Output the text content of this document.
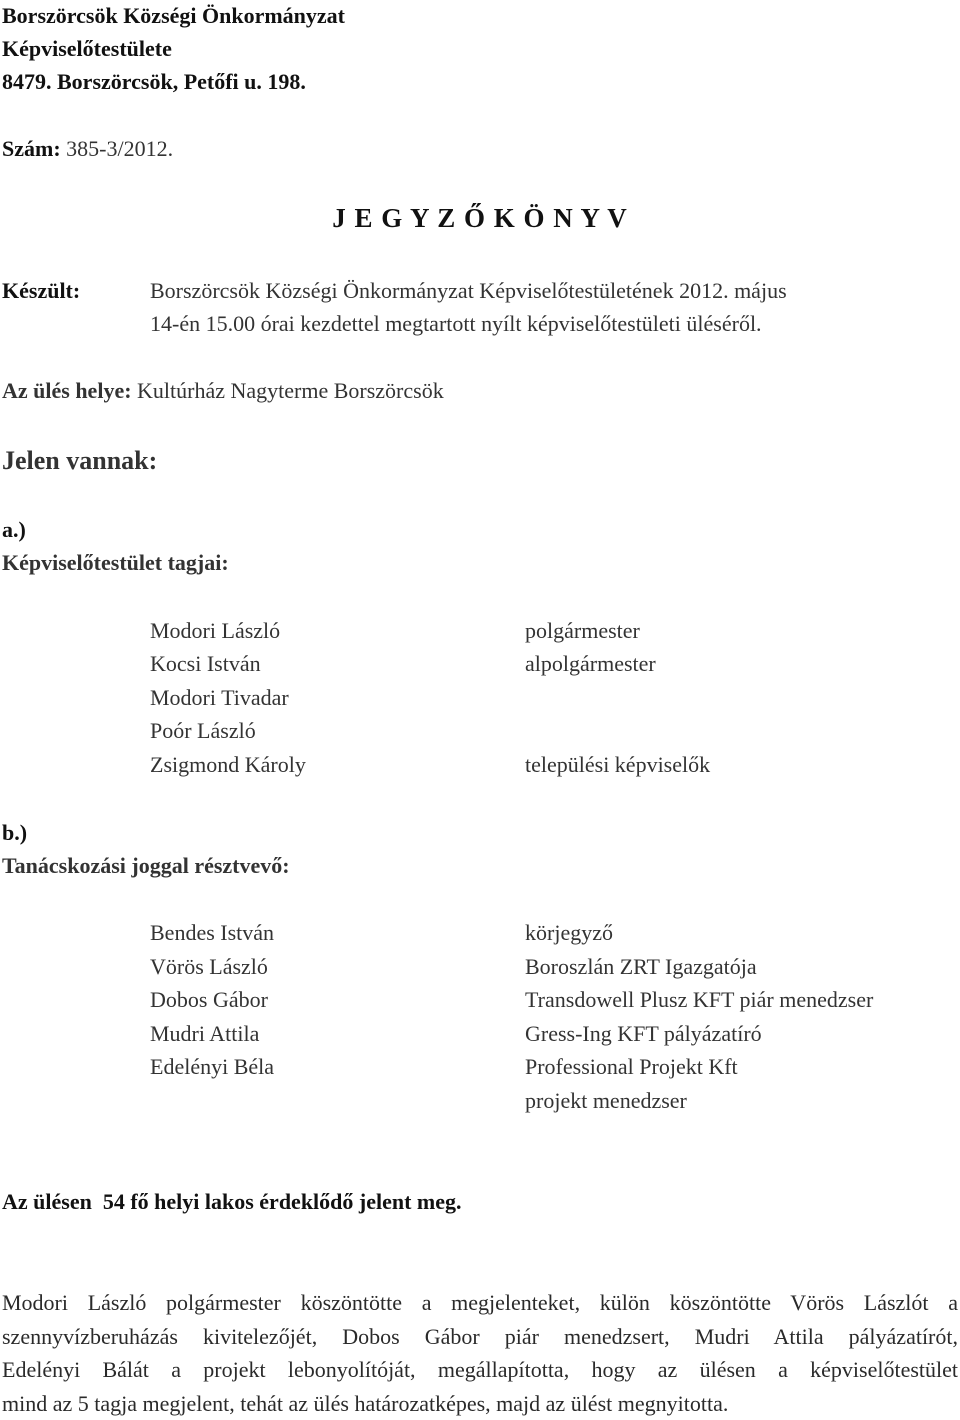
Borszörcsök Községi Önkormányzat
Képviselőtestülete
8479. Borszörcsök, Petőfi u. 198.
Szám: 385-3/2012.
J E G Y Z Ő K Ö N Y V
Készült:	Borszörcsök Községi Önkormányzat Képviselőtestületének 2012. május
14-én 15.00 órai kezdettel megtartott nyílt képviselőtestületi üléséről.
Az ülés helye: Kultúrház Nagyterme Borszörcsök
Jelen vannak:
a.)
Képviselőtestület tagjai:
Modori László
Kocsi István
Modori Tivadar
Poór László
Zsigmond Károly
polgármester
alpolgármester
települési képviselők
b.)
Tanácskozási joggal résztvevő:
Bendes István
Vörös László
Dobos Gábor
Mudri Attila
Edelényi Béla
körjegyző
Boroszlán ZRT Igazgatója
Transdowell Plusz KFT piár menedzser
Gress-Ing KFT pályázatíró
Professional Projekt Kft
projekt menedzser
Az ülésen  54 fő helyi lakos érdeklődő jelent meg.
Modori László polgármester köszöntötte a megjelenteket, külön köszöntötte Vörös Lászlót a
szennyvízberuházás kivitelezőjét, Dobos Gábor piár menedzsert, Mudri Attila pályázatírót,
Edelényi Bálát a projekt lebonyolítóját, megállapította, hogy az ülésen a képviselőtestület
mind az 5 tagja megjelent, tehát az ülés határozatképes, majd az ülést megnyitotta.
